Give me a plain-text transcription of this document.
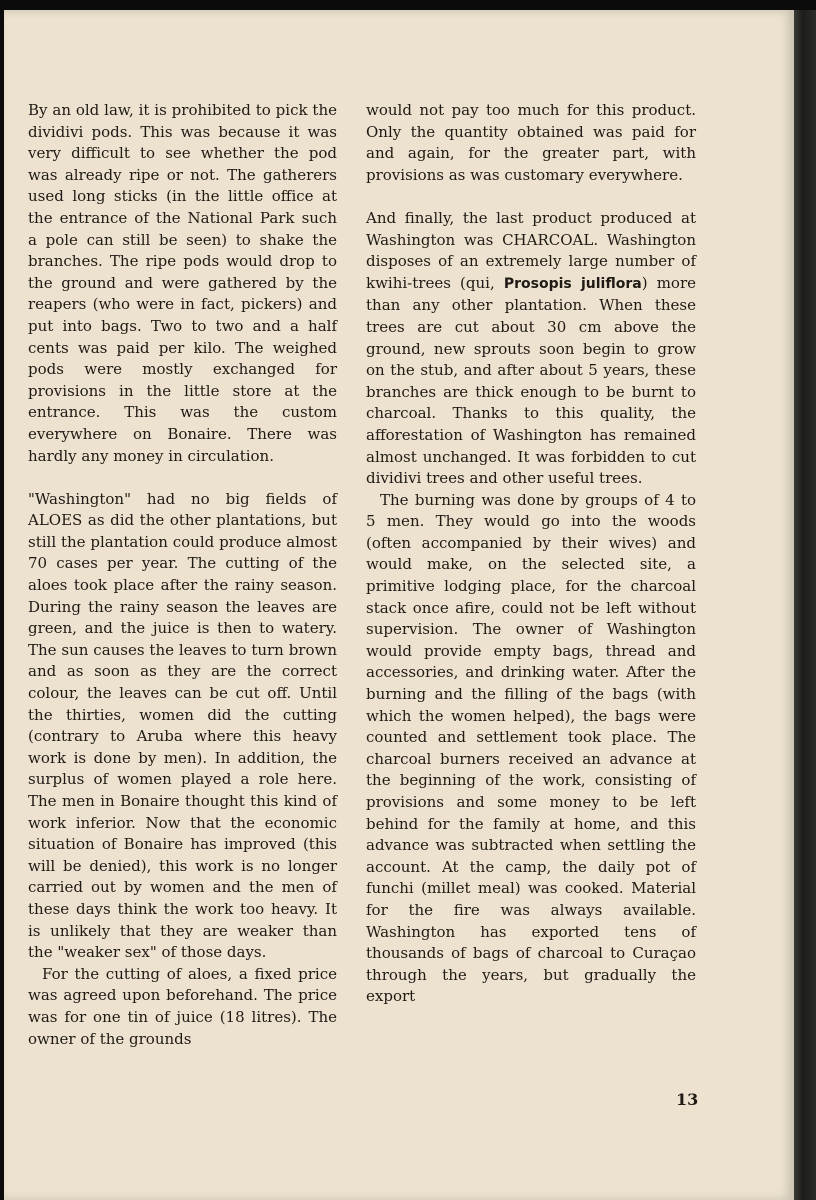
By an old law, it is prohibited to pick the dividivi pods. This was because it was very difficult to see whether the pod was already ripe or not. The gatherers used long sticks (in the little office at the entrance of the National Park such a pole can still be seen) to shake the branches. The ripe pods would drop to the ground and were gathered by the reapers (who were in fact, pickers) and put into bags. Two to two and a half cents was paid per kilo. The weighed pods were mostly exchanged for provisions in the little store at the entrance. This was the custom everywhere on Bonaire. There was hardly any money in circulation.

"Washington" had no big fields of ALOES as did the other plantations, but still the plantation could produce almost 70 cases per year. The cutting of the aloes took place after the rainy season. During the rainy season the leaves are green, and the juice is then to watery. The sun causes the leaves to turn brown and as soon as they are the correct colour, the leaves can be cut off. Until the thirties, women did the cutting (contrary to Aruba where this heavy work is done by men). In addition, the surplus of women played a role here. The men in Bonaire thought this kind of work inferior. Now that the economic situation of Bonaire has improved (this will be denied), this work is no longer carried out by women and the men of these days think the work too heavy. It is unlikely that they are weaker than the "weaker sex" of those days.

For the cutting of aloes, a fixed price was agreed upon beforehand. The price was for one tin of juice (18 litres). The owner of the grounds

would not pay too much for this product. Only the quantity obtained was paid for and again, for the greater part, with provisions as was customary everywhere.

And finally, the last product produced at Washington was CHARCOAL. Washington disposes of an extremely large number of kwihi-trees (qui, Prosopis juliflora) more than any other plantation. When these trees are cut about 30 cm above the ground, new sprouts soon begin to grow on the stub, and after about 5 years, these branches are thick enough to be burnt to charcoal. Thanks to this quality, the afforestation of Washington has remained almost unchanged. It was forbidden to cut dividivi trees and other useful trees.

The burning was done by groups of 4 to 5 men. They would go into the woods (often accompanied by their wives) and would make, on the selected site, a primitive lodging place, for the charcoal stack once afire, could not be left without supervision. The owner of Washington would provide empty bags, thread and accessories, and drinking water. After the burning and the filling of the bags (with which the women helped), the bags were counted and settlement took place. The charcoal burners received an advance at the beginning of the work, consisting of provisions and some money to be left behind for the family at home, and this advance was subtracted when settling the account. At the camp, the daily pot of funchi (millet meal) was cooked. Material for the fire was always available. Washington has exported tens of thousands of bags of charcoal to Curaçao through the years, but gradually the export

13
